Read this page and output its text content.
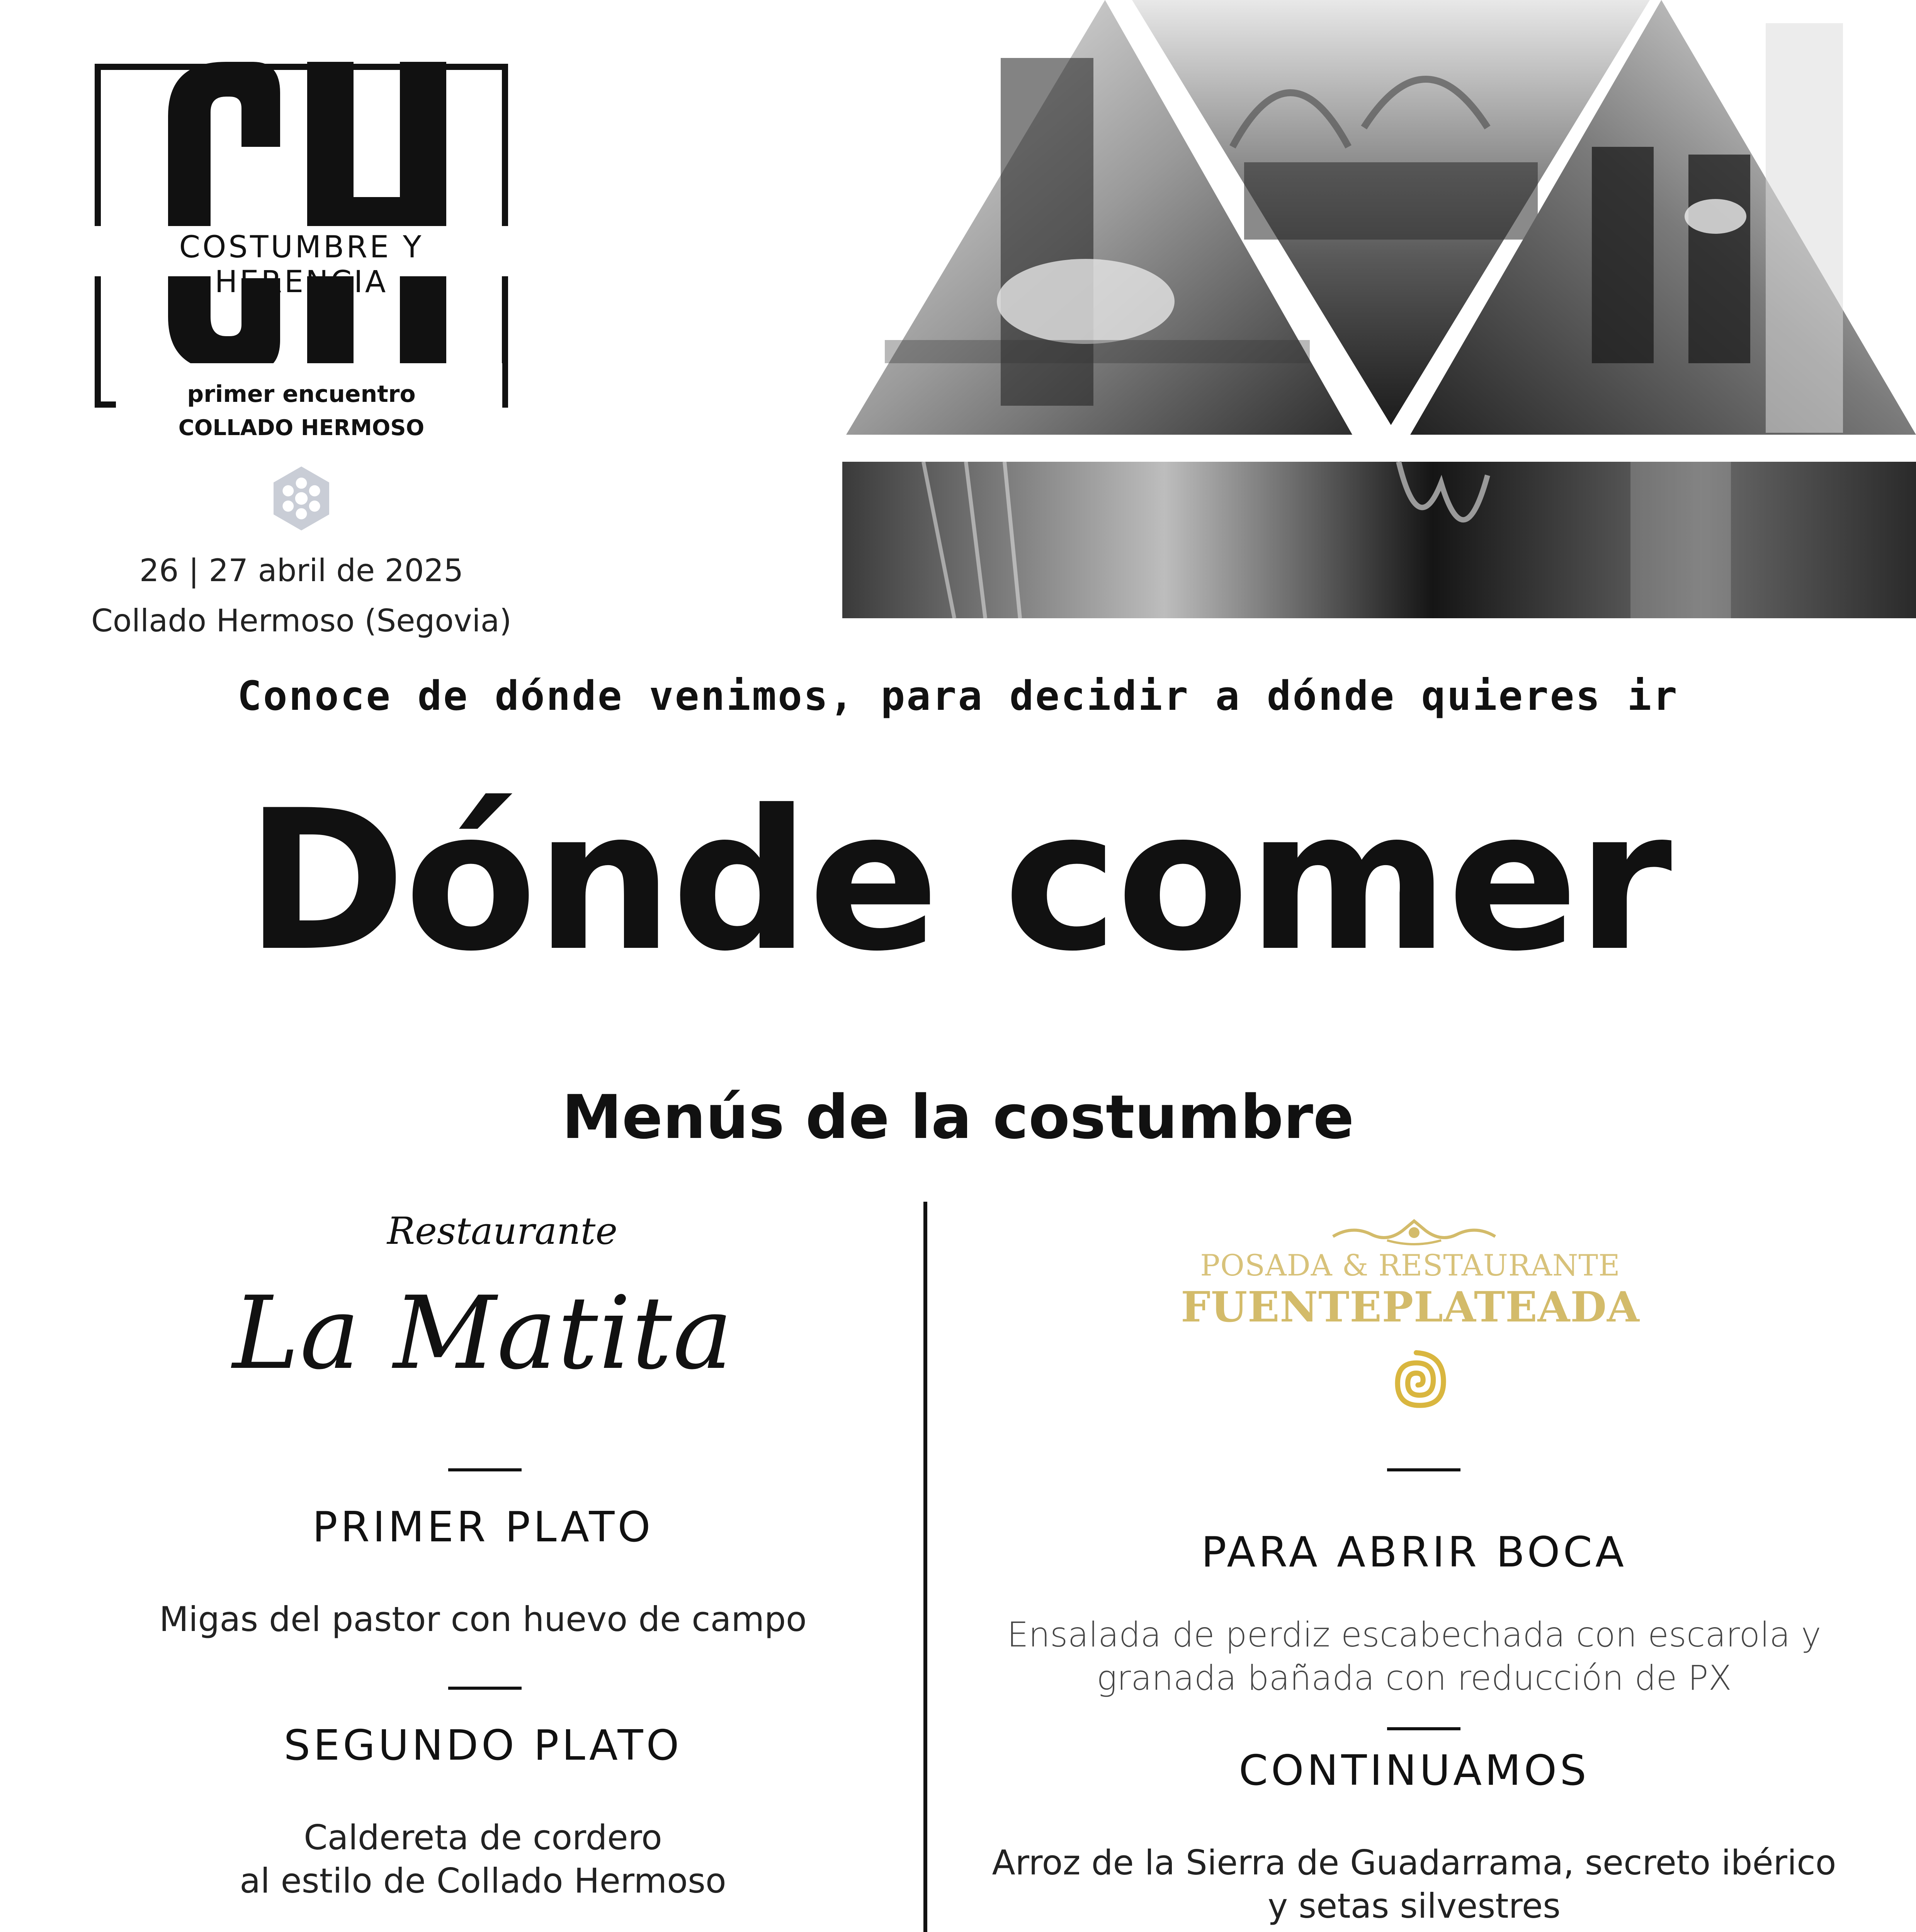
COSTUMBRE Y HERENCIA
primer encuentro
COLLADO HERMOSO
26 | 27 abril de 2025
Collado Hermoso (Segovia)
Conoce de dónde venimos, para decidir a dónde quieres ir
Dónde comer
Menús de la costumbre
Restaurante
La Matita
PRIMER PLATO
Migas del pastor con huevo de campo
SEGUNDO PLATO
Caldereta de cordero
al estilo de Collado Hermoso
POSADA & RESTAURANTE
FUENTEPLATEADA
PARA ABRIR BOCA
Ensalada de perdiz escabechada con escarola y
granada bañada con reducción de PX
CONTINUAMOS
Arroz de la Sierra de Guadarrama, secreto ibérico
y setas silvestres
